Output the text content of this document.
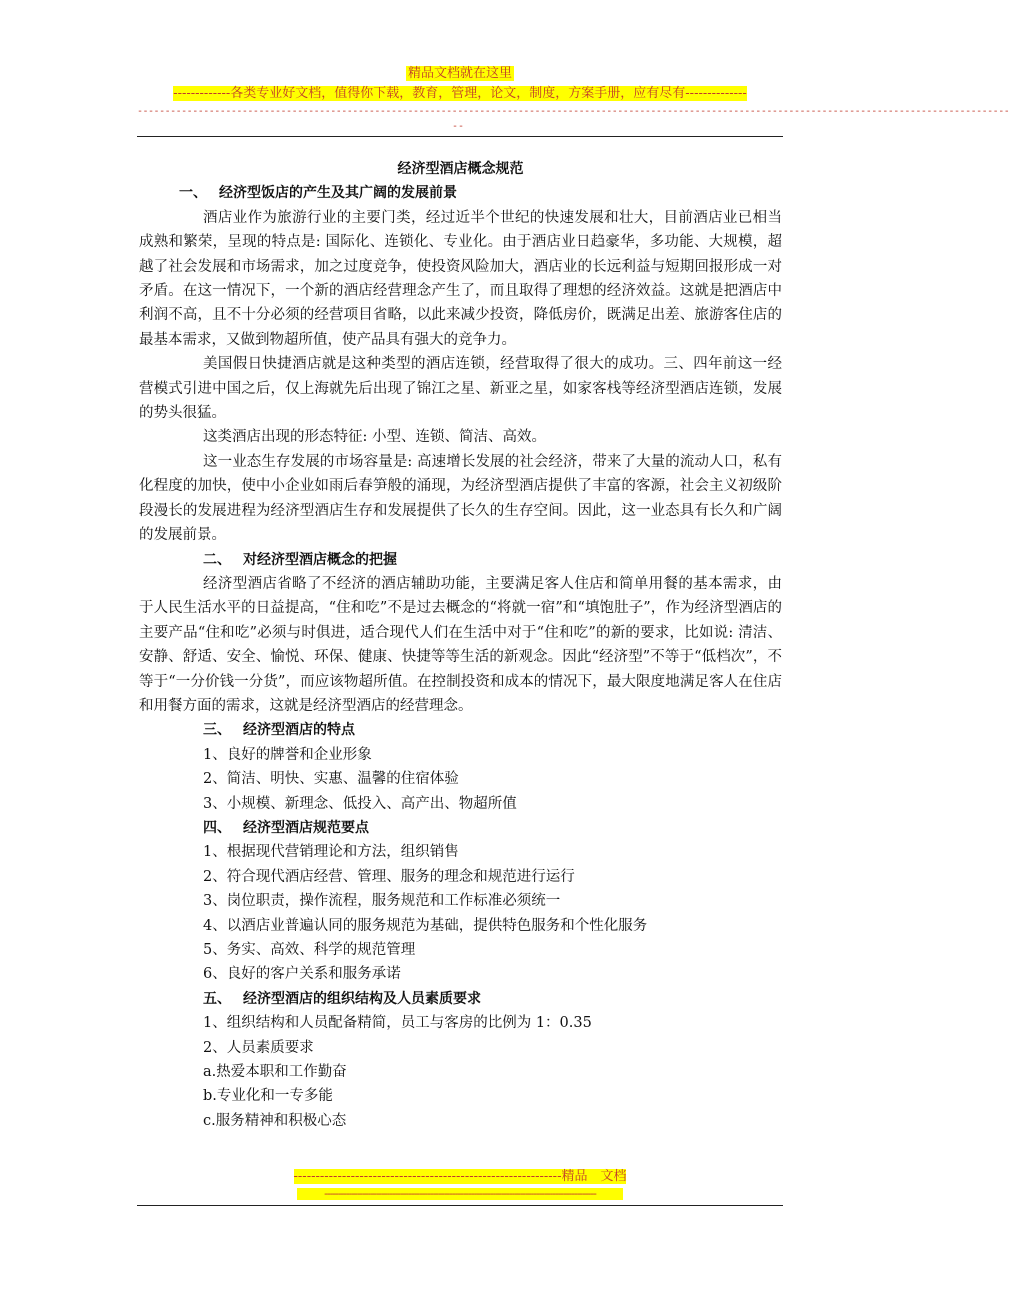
精品文档就在这里
-------------各类专业好文档，值得你下载，教育，管理，论文，制度，方案手册，应有尽有--------------
--------------------------------------------------------------------------------------------------------------------------------------------------------------
--

经济型酒店概念规范

一、 经济型饭店的产生及其广阔的发展前景

酒店业作为旅游行业的主要门类，经过近半个世纪的快速发展和壮大，目前酒店业已相当成熟和繁荣，呈现的特点是: 国际化、连锁化、专业化。由于酒店业日趋豪华，多功能、大规模，超越了社会发展和市场需求，加之过度竞争，使投资风险加大，酒店业的长远利益与短期回报形成一对矛盾。在这一情况下，一个新的酒店经营理念产生了，而且取得了理想的经济效益。这就是把酒店中利润不高，且不十分必须的经营项目省略，以此来减少投资，降低房价，既满足出差、旅游客住店的最基本需求，又做到物超所值，使产品具有强大的竞争力。

美国假日快捷酒店就是这种类型的酒店连锁，经营取得了很大的成功。三、四年前这一经营模式引进中国之后，仅上海就先后出现了锦江之星、新亚之星，如家客栈等经济型酒店连锁，发展的势头很猛。

这类酒店出现的形态特征: 小型、连锁、简洁、高效。

这一业态生存发展的市场容量是: 高速增长发展的社会经济，带来了大量的流动人口，私有化程度的加快，使中小企业如雨后春笋般的涌现，为经济型酒店提供了丰富的客源，社会主义初级阶段漫长的发展进程为经济型酒店生存和发展提供了长久的生存空间。因此，这一业态具有长久和广阔的发展前景。

二、 对经济型酒店概念的把握

经济型酒店省略了不经济的酒店辅助功能，主要满足客人住店和简单用餐的基本需求，由于人民生活水平的日益提高，“住和吃”不是过去概念的“将就一宿”和“填饱肚子”，作为经济型酒店的主要产品“住和吃”必须与时俱进，适合现代人们在生活中对于“住和吃”的新的要求，比如说: 清洁、安静、舒适、安全、愉悦、环保、健康、快捷等等生活的新观念。因此“经济型”不等于“低档次”，不等于“一分价钱一分货”，而应该物超所值。在控制投资和成本的情况下，最大限度地满足客人在住店和用餐方面的需求，这就是经济型酒店的经营理念。

三、 经济型酒店的特点

1、良好的牌誉和企业形象

2、简洁、明快、实惠、温馨的住宿体验

3、小规模、新理念、低投入、高产出、物超所值

四、 经济型酒店规范要点

1、根据现代营销理论和方法，组织销售

2、符合现代酒店经营、管理、服务的理念和规范进行运行

3、岗位职责，操作流程，服务规范和工作标准必须统一

4、以酒店业普遍认同的服务规范为基础，提供特色服务和个性化服务

5、务实、高效、科学的规范管理

6、良好的客户关系和服务承诺

五、 经济型酒店的组织结构及人员素质要求

1、组织结构和人员配备精简，员工与客房的比例为 1：0.35

2、人员素质要求

a.热爱本职和工作勤奋

b.专业化和一专多能

c.服务精神和积极心态

-------------------------------------------------------------精品　文档
----------------------------------------------------------------------------------------------------
